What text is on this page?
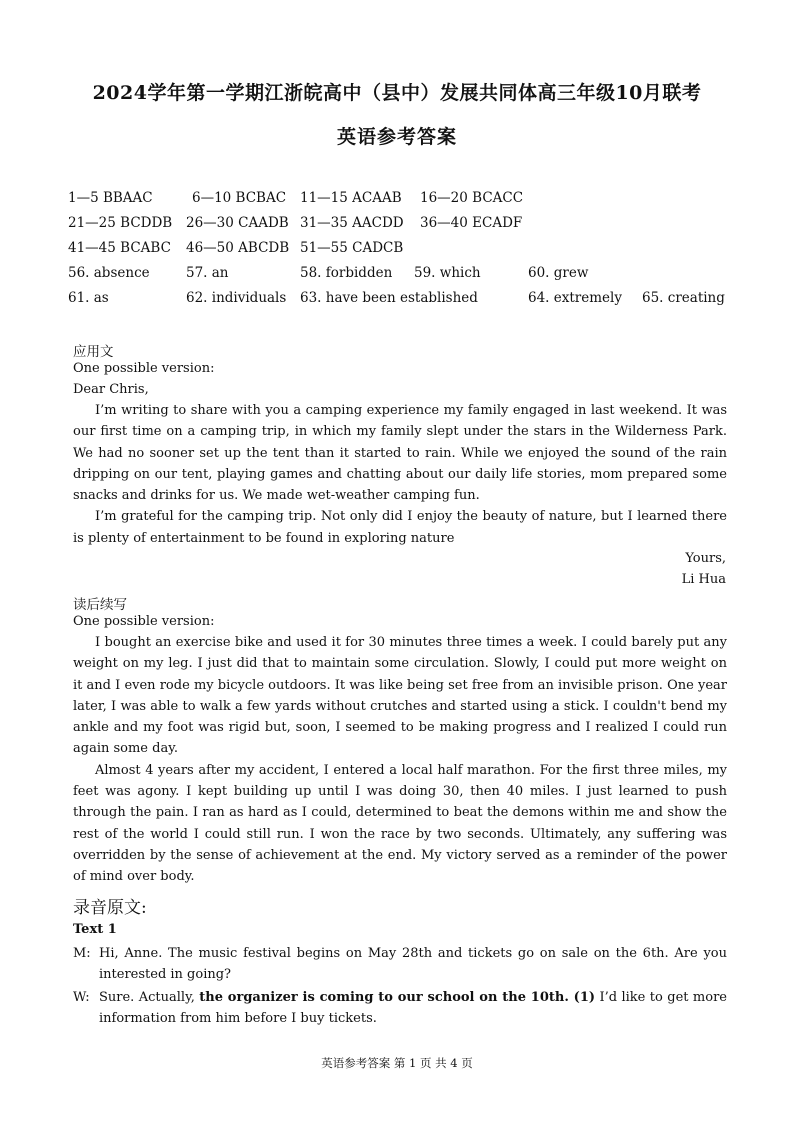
2024学年第一学期江浙皖高中（县中）发展共同体高三年级10月联考
英语参考答案
1—5 BBAAC	6—10 BCBAC 11—15 ACAAB 16—20 BCACC
21—25 BCDDB 26—30 CAADB 31—35 AACDD 36—40 ECADF
41—45 BCABC 46—50 ABCDB 51—55 CADCB
56. absence	57. an	58. forbidden 59. which	60. grew
61. as	62. individuals 63. have been established	64. extremely 65. creating
应用文
One possible version:
Dear Chris,

I’m writing to share with you a camping experience my family engaged in last weekend. It was our first time on a camping trip, in which my family slept under the stars in the Wilderness Park. We had no sooner set up the tent than it started to rain. While we enjoyed the sound of the rain dripping on our tent, playing games and chatting about our daily life stories, mom prepared some snacks and drinks for us. We made wet-weather camping fun.

I’m grateful for the camping trip. Not only did I enjoy the beauty of nature, but I learned there is plenty of entertainment to be found in exploring nature

Yours,
Li Hua
读后续写
One possible version:

I bought an exercise bike and used it for 30 minutes three times a week. I could barely put any weight on my leg. I just did that to maintain some circulation. Slowly, I could put more weight on it and I even rode my bicycle outdoors. It was like being set free from an invisible prison. One year later, I was able to walk a few yards without crutches and started using a stick. I couldn't bend my ankle and my foot was rigid but, soon, I seemed to be making progress and I realized I could run again some day.

Almost 4 years after my accident, I entered a local half marathon. For the first three miles, my feet was agony. I kept building up until I was doing 30, then 40 miles. I just learned to push through the pain. I ran as hard as I could, determined to beat the demons within me and show the rest of the world I could still run. I won the race by two seconds. Ultimately, any suffering was overridden by the sense of achievement at the end. My victory served as a reminder of the power of mind over body.

录音原文:
Text 1
M: Hi, Anne. The music festival begins on May 28th and tickets go on sale on the 6th. Are you interested in going?
W: Sure. Actually, the organizer is coming to our school on the 10th. (1) I’d like to get more information from him before I buy tickets.
英语参考答案 第 1 页 共 4 页
